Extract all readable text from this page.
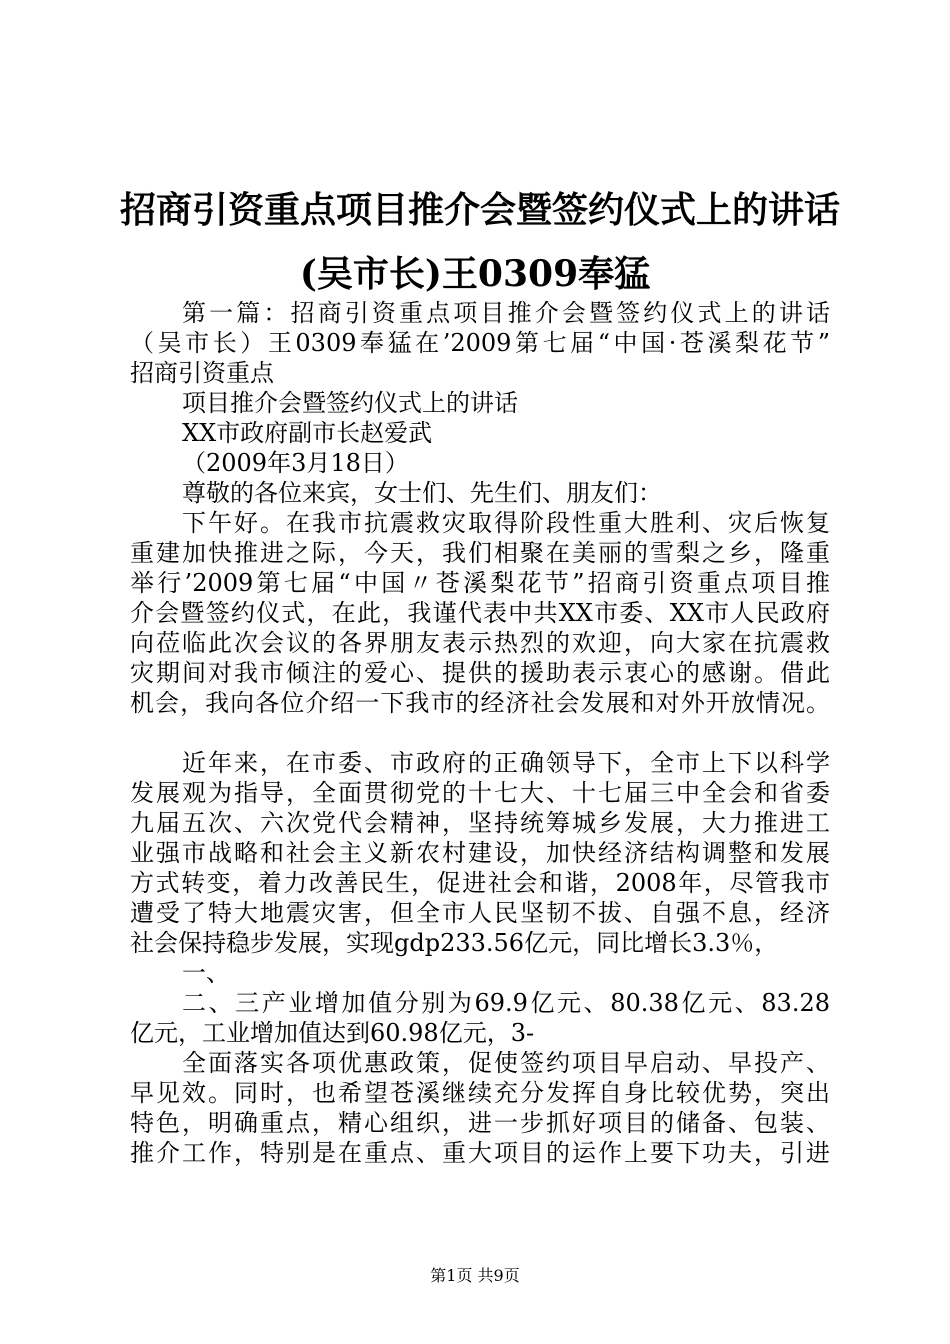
招商引资重点项目推介会暨签约仪式上的讲话
(吴市长)王0309奉猛
第一篇：招商引资重点项目推介会暨签约仪式上的讲话
（吴市长）王0309奉猛在’2009第七届“中国·苍溪梨花节”
招商引资重点
项目推介会暨签约仪式上的讲话
XX市政府副市长赵爱武
（2009年3月18日）
尊敬的各位来宾，女士们、先生们、朋友们：
下午好。在我市抗震救灾取得阶段性重大胜利、灾后恢复
重建加快推进之际，今天，我们相聚在美丽的雪梨之乡，隆重
举行’2009第七届“中国〃苍溪梨花节”招商引资重点项目推
介会暨签约仪式，在此，我谨代表中共XX市委、XX市人民政府
向莅临此次会议的各界朋友表示热烈的欢迎，向大家在抗震救
灾期间对我市倾注的爱心、提供的援助表示衷心的感谢。借此
机会，我向各位介绍一下我市的经济社会发展和对外开放情况。
近年来，在市委、市政府的正确领导下，全市上下以科学
发展观为指导，全面贯彻党的十七大、十七届三中全会和省委
九届五次、六次党代会精神，坚持统筹城乡发展，大力推进工
业强市战略和社会主义新农村建设，加快经济结构调整和发展
方式转变，着力改善民生，促进社会和谐，2008年，尽管我市
遭受了特大地震灾害，但全市人民坚韧不拔、自强不息，经济
社会保持稳步发展，实现gdp233.56亿元，同比增长3.3％，
一、
二、三产业增加值分别为69.9亿元、80.38亿元、83.28
亿元，工业增加值达到60.98亿元，3-
全面落实各项优惠政策，促使签约项目早启动、早投产、
早见效。同时，也希望苍溪继续充分发挥自身比较优势，突出
特色，明确重点，精心组织，进一步抓好项目的储备、包装、
推介工作，特别是在重点、重大项目的运作上要下功夫，引进
第1页 共9页
